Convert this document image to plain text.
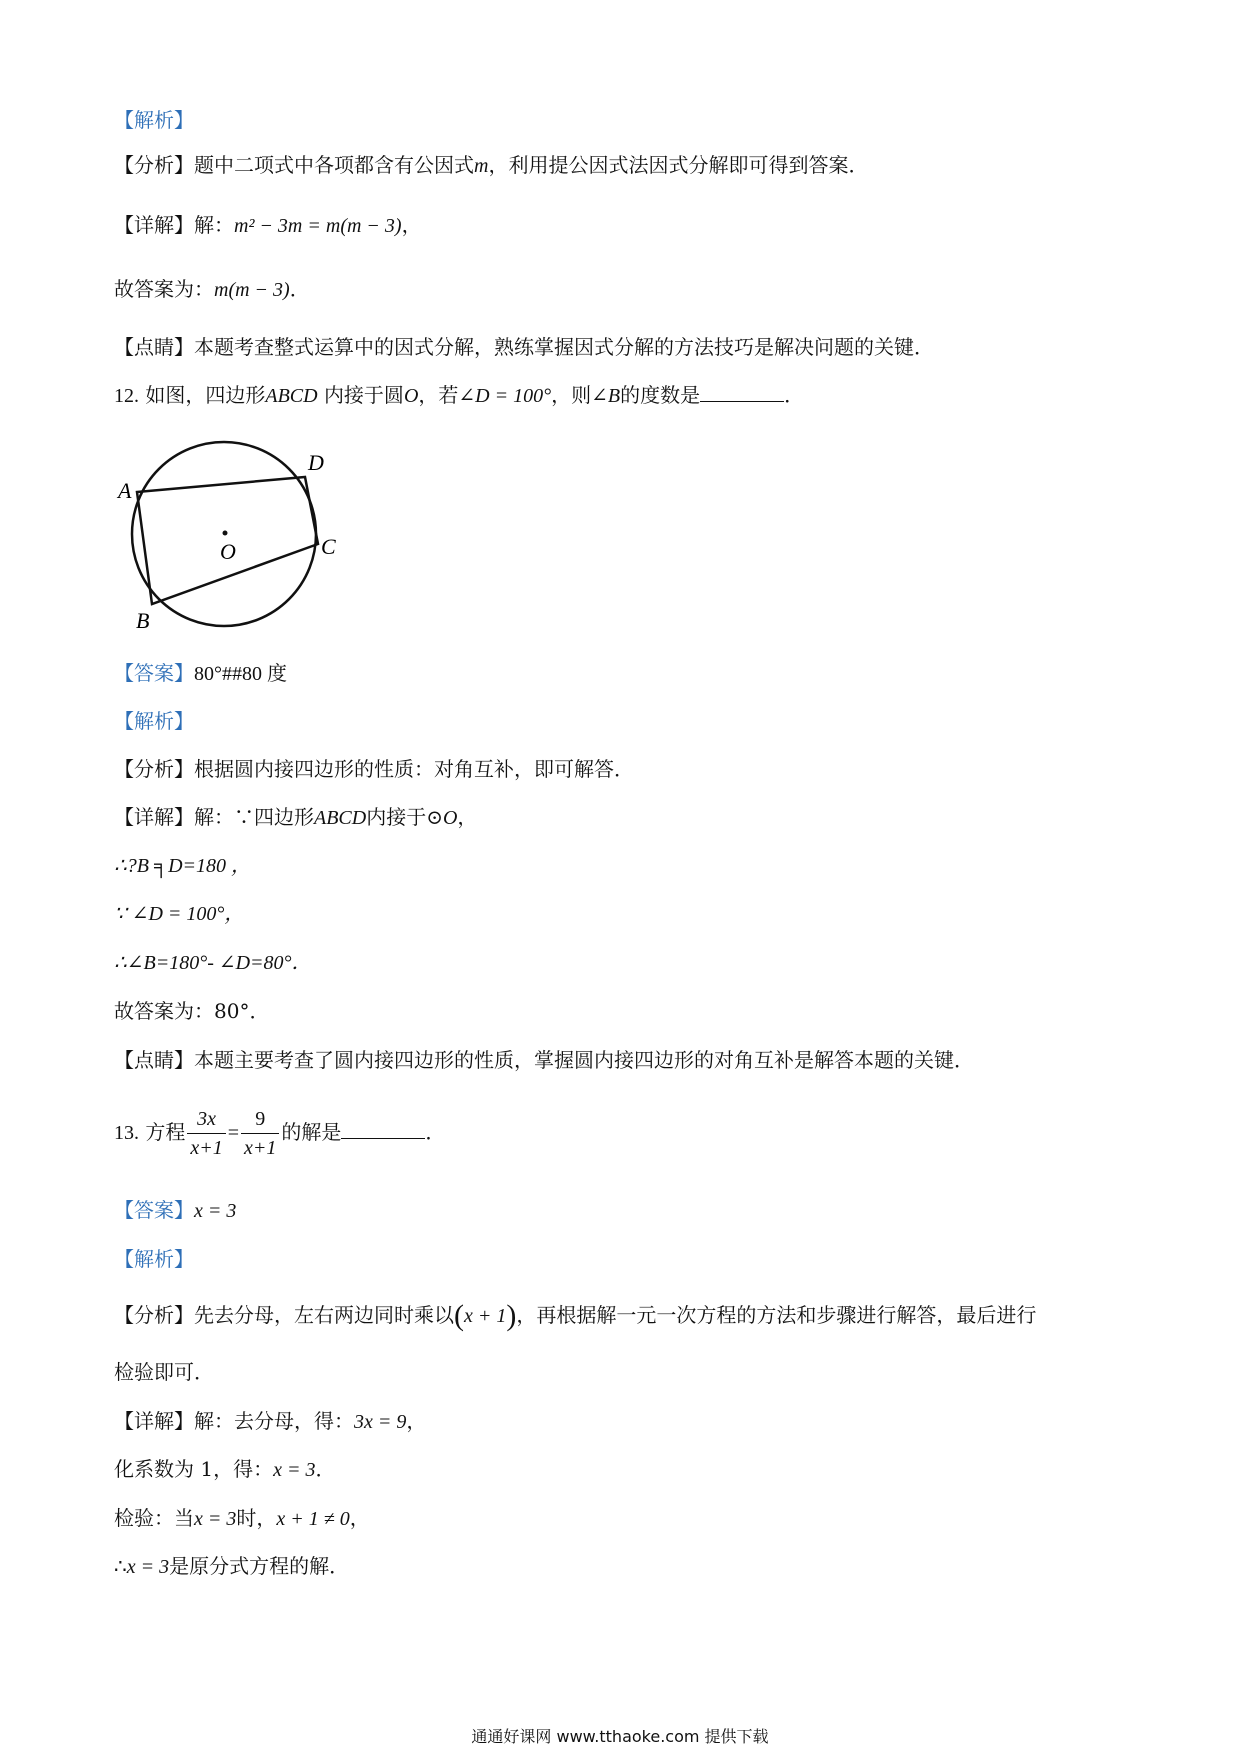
【解析】
【分析】题中二项式中各项都含有公因式m，利用提公因式法因式分解即可得到答案．
【详解】解：m² − 3m = m(m − 3)，
故答案为：m(m − 3)．
【点睛】本题考查整式运算中的因式分解，熟练掌握因式分解的方法技巧是解决问题的关键．
12. 如图，四边形ABCD 内接于圆O，若∠D = 100°，则∠B的度数是	．
A
D
C
B
O
【答案】80°##80 度
【解析】
【分析】根据圆内接四边形的性质：对角互补，即可解答．
【详解】解：∵四边形ABCD内接于⊙O，
∴?B ╕D=180 ，
∵ ∠D = 100°，
∴∠B=180°- ∠D=80°．
故答案为：80°．
【点睛】本题主要考查了圆内接四边形的性质，掌握圆内接四边形的对角互补是解答本题的关键．
13. 方程 $\frac{3x}{x+1} = \frac{9}{x+1}$ 的解是	．
【答案】x = 3
【解析】
【分析】先去分母，左右两边同时乘以(x + 1)，再根据解一元一次方程的方法和步骤进行解答，最后进行
检验即可．
【详解】解：去分母，得：3x = 9，
化系数为 1，得：x = 3．
检验：当x = 3时，x + 1 ≠ 0，
∴x = 3是原分式方程的解．
通通好课网 www.tthaoke.com 提供下载
